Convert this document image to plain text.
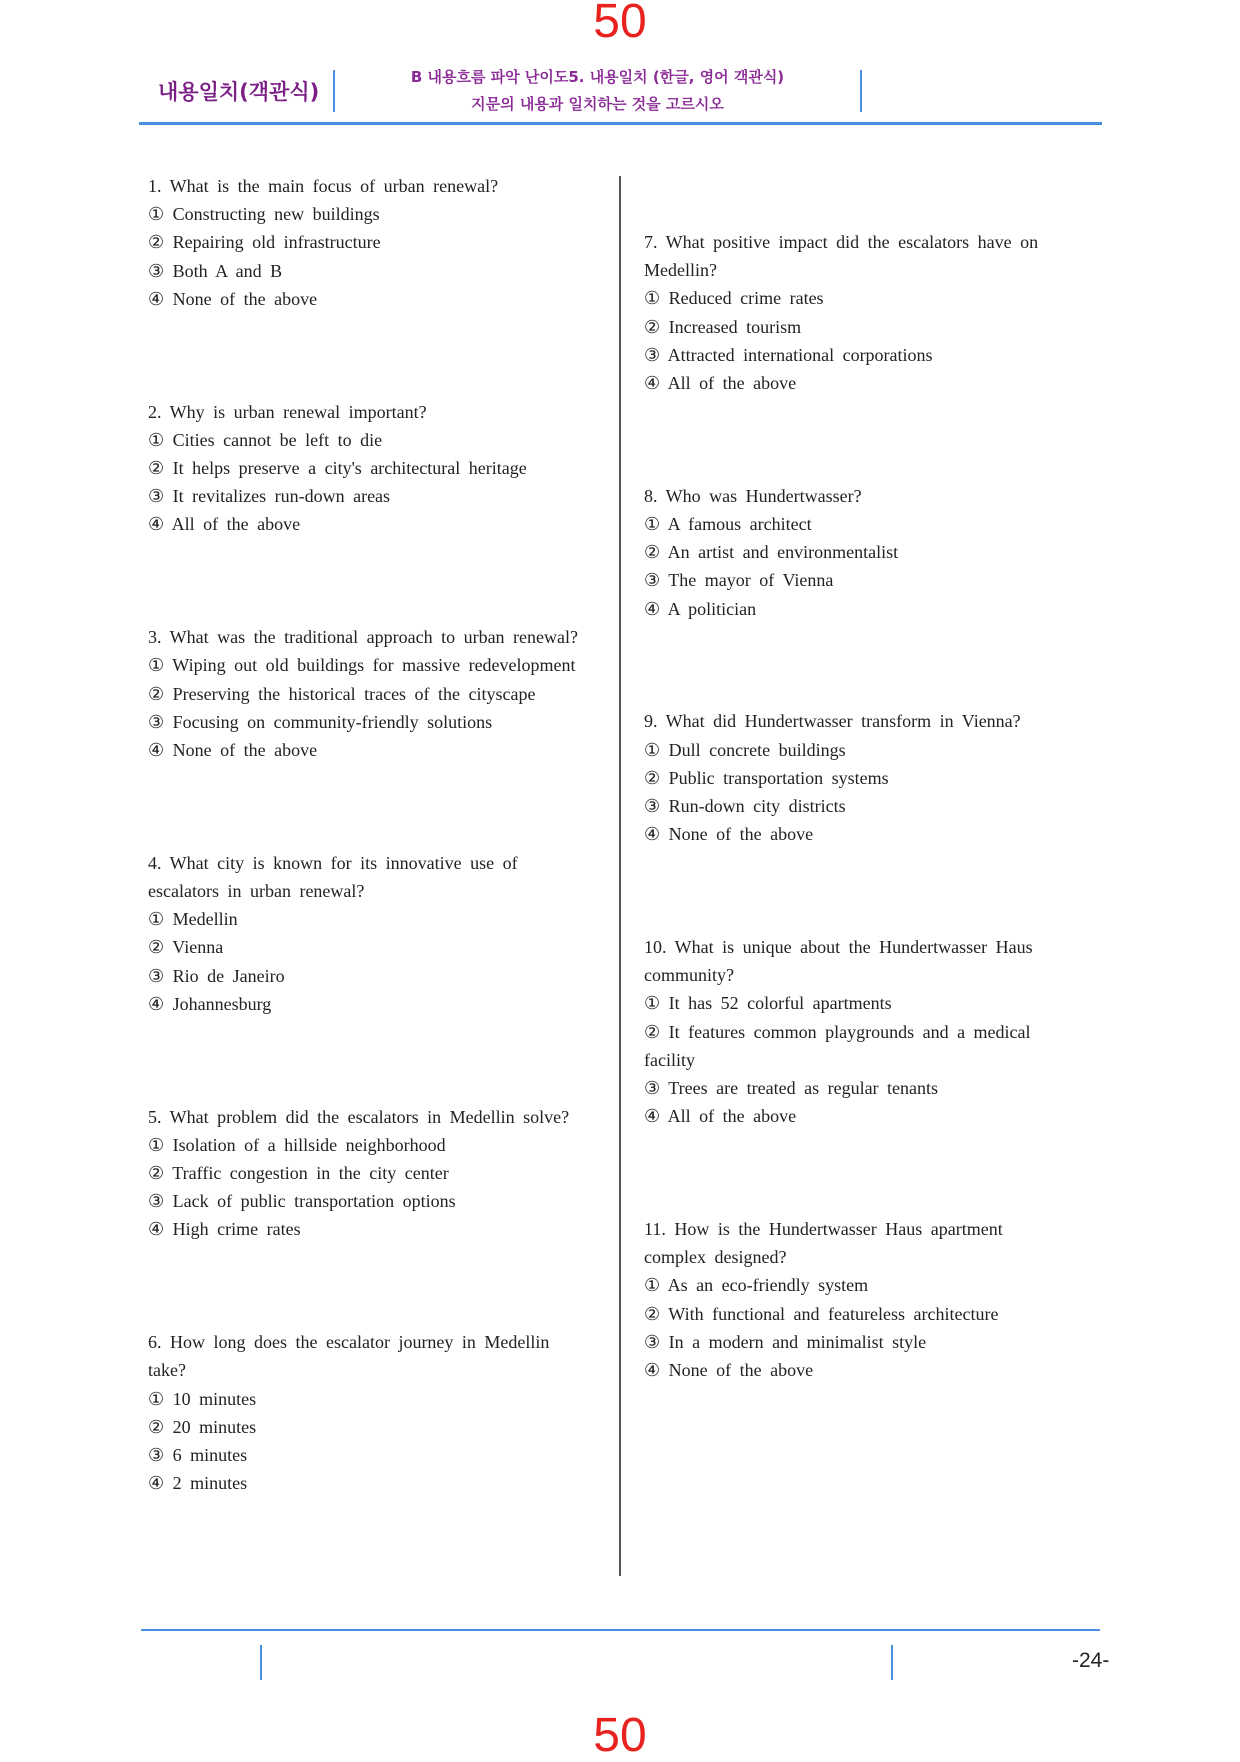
50
내용일치(객관식)
B 내용흐름 파악 난이도5. 내용일치 (한글, 영어 객관식)
지문의 내용과 일치하는 것을 고르시오
1. What is the main focus of urban renewal?
① Constructing new buildings
② Repairing old infrastructure
③ Both A and B
④ None of the above
2. Why is urban renewal important?
① Cities cannot be left to die
② It helps preserve a city's architectural heritage
③ It revitalizes run-down areas
④ All of the above
3. What was the traditional approach to urban renewal?
① Wiping out old buildings for massive redevelopment
② Preserving the historical traces of the cityscape
③ Focusing on community-friendly solutions
④ None of the above
4. What city is known for its innovative use of escalators in urban renewal?
① Medellin
② Vienna
③ Rio de Janeiro
④ Johannesburg
5. What problem did the escalators in Medellin solve?
① Isolation of a hillside neighborhood
② Traffic congestion in the city center
③ Lack of public transportation options
④ High crime rates
6. How long does the escalator journey in Medellin take?
① 10 minutes
② 20 minutes
③ 6 minutes
④ 2 minutes
7. What positive impact did the escalators have on Medellin?
① Reduced crime rates
② Increased tourism
③ Attracted international corporations
④ All of the above
8. Who was Hundertwasser?
① A famous architect
② An artist and environmentalist
③ The mayor of Vienna
④ A politician
9. What did Hundertwasser transform in Vienna?
① Dull concrete buildings
② Public transportation systems
③ Run-down city districts
④ None of the above
10. What is unique about the Hundertwasser Haus community?
① It has 52 colorful apartments
② It features common playgrounds and a medical facility
③ Trees are treated as regular tenants
④ All of the above
11. How is the Hundertwasser Haus apartment complex designed?
① As an eco-friendly system
② With functional and featureless architecture
③ In a modern and minimalist style
④ None of the above
-24-
50
